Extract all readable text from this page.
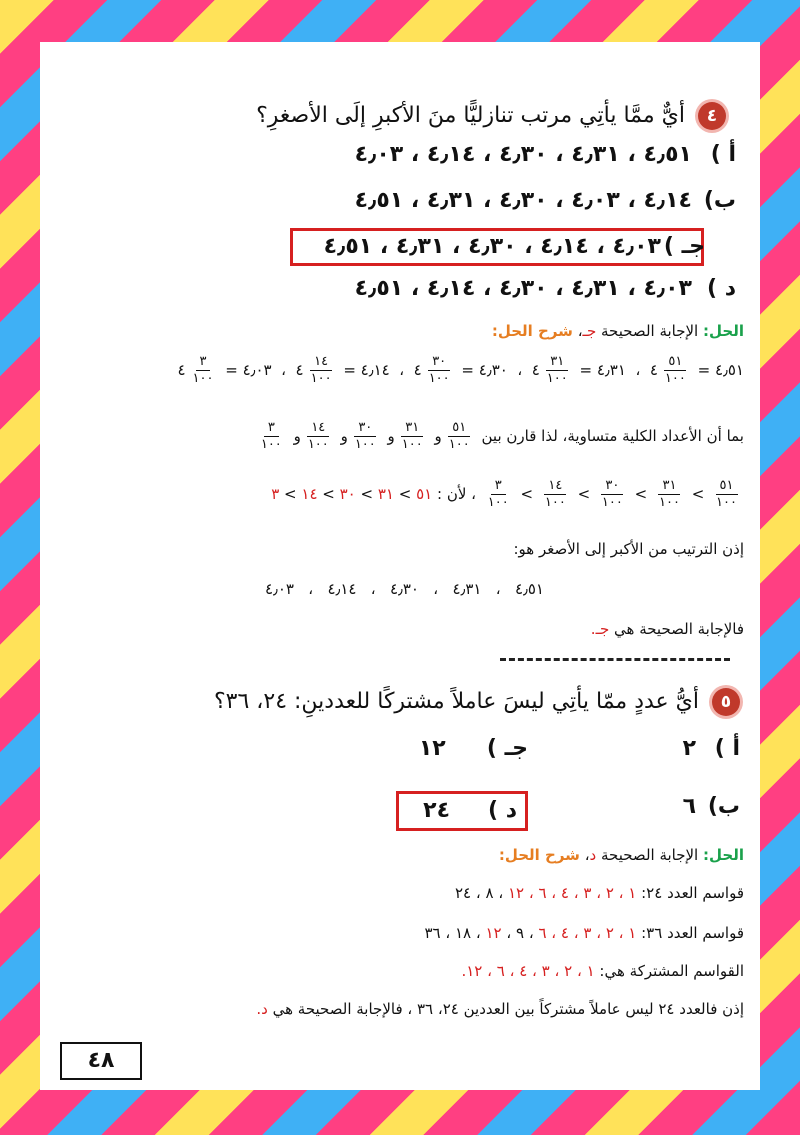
٤ أيٌّ ممَّا يأتِي مرتب تنازليًّا منَ الأكبرِ إلَى الأصغرِ؟
أ )٤٫٥١ ، ٤٫٣١ ، ٤٫٣٠ ، ٤٫١٤ ، ٤٫٠٣
ب)٤٫١٤ ، ٤٫٠٣ ، ٤٫٣٠ ، ٤٫٣١ ، ٤٫٥١
جـ )٤٫٠٣ ، ٤٫١٤ ، ٤٫٣٠ ، ٤٫٣١ ، ٤٫٥١
د )٤٫٠٣ ، ٤٫٣١ ، ٤٫٣٠ ، ٤٫١٤ ، ٤٫٥١
الحل: الإجابة الصحيحة جـ، شرح الحل:
٤٫٥١ =
$\frac{٥١}{١٠٠}$
٤  ،  ٤٫٣١ =
$\frac{٣١}{١٠٠}$
٤  ،  ٤٫٣٠ =
$\frac{٣٠}{١٠٠}$
٤  ،  ٤٫١٤ =
$\frac{١٤}{١٠٠}$
٤  ،  ٤٫٠٣ =
$\frac{٣}{١٠٠}$
٤
بما أن الأعداد الكلية متساوية، لذا قارن بين
$\frac{٥١}{١٠٠}$
و
$\frac{٣١}{١٠٠}$
و
$\frac{٣٠}{١٠٠}$
و
$\frac{١٤}{١٠٠}$
و
$\frac{٣}{١٠٠}$
$\frac{٥١}{١٠٠}$
>
$\frac{٣١}{١٠٠}$
>
$\frac{٣٠}{١٠٠}$
>
$\frac{١٤}{١٠٠}$
>
$\frac{٣}{١٠٠}$
، لأن : ٥١ > ٣١ > ٣٠ > ١٤ > ٣
إذن الترتيب من الأكبر إلى الأصغر هو:
٤٫٥١   ،   ٤٫٣١   ،   ٤٫٣٠   ،   ٤٫١٤   ،   ٤٫٠٣
فالإجابة الصحيحة هي جـ.
٥ أيُّ عددٍ ممّا يأتِي ليسَ عاملاً مشتركًا للعددينِ: ٢٤، ٣٦؟
أ )٢
جـ )     ١٢
ب)٦
د )   ٢٤
الحل: الإجابة الصحيحة د، شرح الحل:
قواسم العدد ٢٤: ١ ، ٢ ، ٣ ، ٤ ، ٦ ، ١٢ ، ٨ ، ٢٤
قواسم العدد ٣٦: ١ ، ٢ ، ٣ ، ٤ ، ٦ ، ٩ ، ١٢ ، ١٨ ، ٣٦
القواسم المشتركة هي: ١ ، ٢ ، ٣ ، ٤ ، ٦ ، ١٢.
إذن فالعدد ٢٤ ليس عاملاً مشتركاً بين العددين ٢٤، ٣٦ ، فالإجابة الصحيحة هي د.
٤٨
